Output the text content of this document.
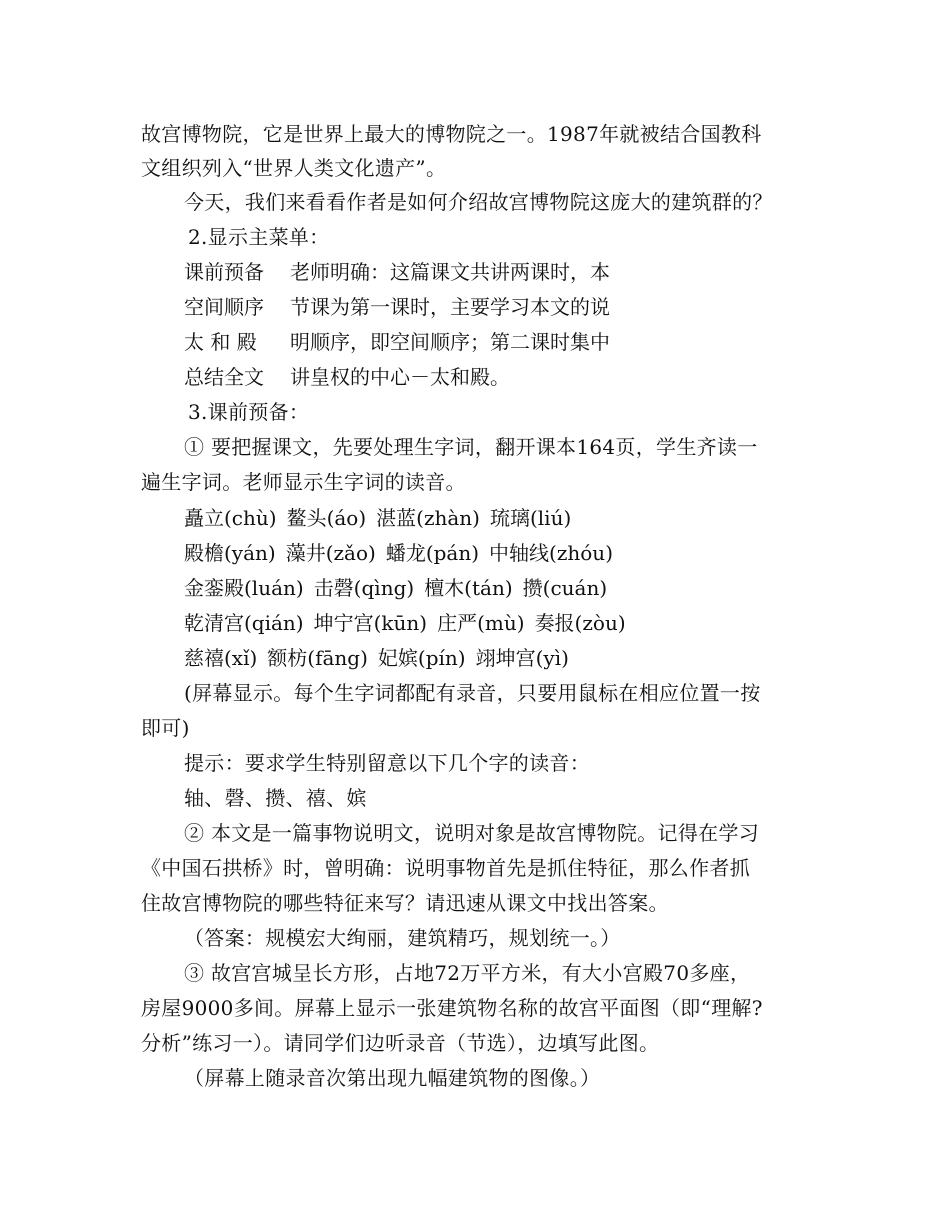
故宫博物院，它是世界上最大的博物院之一。1987年就被结合国教科
文组织列入“世界人类文化遗产”。
今天，我们来看看作者是如何介绍故宫博物院这庞大的建筑群的？
2.显示主菜单：
课前预备 老师明确：这篇课文共讲两课时，本
空间顺序 节课为第一课时，主要学习本文的说
太 和 殿 明顺序，即空间顺序；第二课时集中
总结全文 讲皇权的中心－太和殿。
3.课前预备：
① 要把握课文，先要处理生字词，翻开课本164页，学生齐读一
遍生字词。老师显示生字词的读音。
矗立(chù) 鳌头(áo) 湛蓝(zhàn) 琉璃(liú)
殿檐(yán) 藻井(zǎo) 蟠龙(pán) 中轴线(zhóu)
金銮殿(luán) 击磬(qìng) 檀木(tán) 攒(cuán)
乾清宫(qián) 坤宁宫(kūn) 庄严(mù) 奏报(zòu)
慈禧(xǐ) 额枋(fāng) 妃嫔(pín) 翊坤宫(yì)
(屏幕显示。每个生字词都配有录音，只要用鼠标在相应位置一按
即可)
提示：要求学生特别留意以下几个字的读音：
轴、磬、攒、禧、嫔
② 本文是一篇事物说明文，说明对象是故宫博物院。记得在学习
《中国石拱桥》时，曾明确：说明事物首先是抓住特征，那么作者抓
住故宫博物院的哪些特征来写？请迅速从课文中找出答案。
（答案：规模宏大绚丽，建筑精巧，规划统一。）
③ 故宫宫城呈长方形，占地72万平方米，有大小宫殿70多座，
房屋9000多间。屏幕上显示一张建筑物名称的故宫平面图（即“理解?
分析”练习一）。请同学们边听录音（节选），边填写此图。
（屏幕上随录音次第出现九幅建筑物的图像。）
